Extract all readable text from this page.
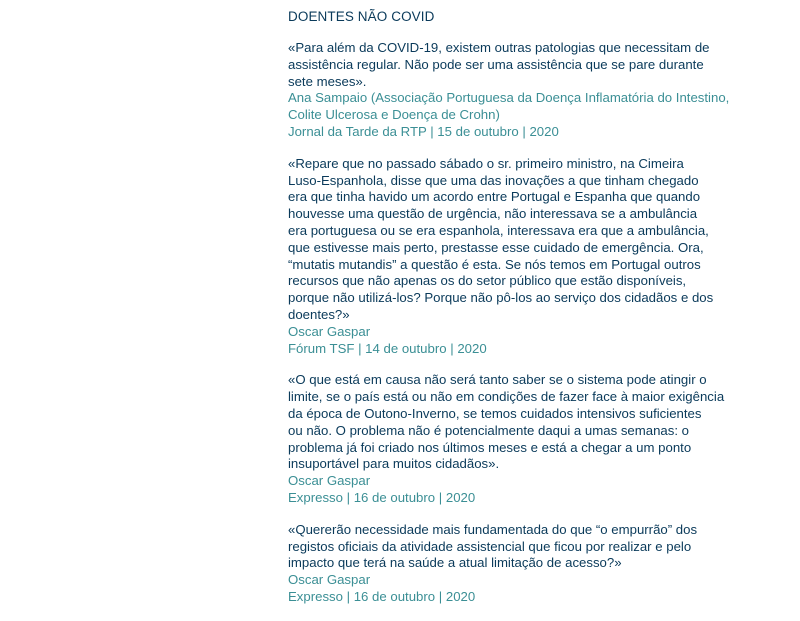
DOENTES NÃO COVID
«Para além da COVID-19, existem outras patologias que necessitam de
assistência regular. Não pode ser uma assistência que se pare durante
sete meses».
Ana Sampaio (Associação Portuguesa da Doença Inflamatória do Intestino,
Colite Ulcerosa e Doença de Crohn)
Jornal da Tarde da RTP | 15 de outubro | 2020
«Repare que no passado sábado o sr. primeiro ministro, na Cimeira
Luso-Espanhola, disse que uma das inovações a que tinham chegado
era que tinha havido um acordo entre Portugal e Espanha que quando
houvesse uma questão de urgência, não interessava se a ambulância
era portuguesa ou se era espanhola, interessava era que a ambulância,
que estivesse mais perto, prestasse esse cuidado de emergência. Ora,
“mutatis mutandis” a questão é esta. Se nós temos em Portugal outros
recursos que não apenas os do setor público que estão disponíveis,
porque não utilizá-los? Porque não pô-los ao serviço dos cidadãos e dos
doentes?»
Oscar Gaspar
Fórum TSF | 14 de outubro | 2020
«O que está em causa não será tanto saber se o sistema pode atingir o
limite, se o país está ou não em condições de fazer face à maior exigência
da época de Outono-Inverno, se temos cuidados intensivos suficientes
ou não. O problema não é potencialmente daqui a umas semanas: o
problema já foi criado nos últimos meses e está a chegar a um ponto
insuportável para muitos cidadãos».
Oscar Gaspar
Expresso | 16 de outubro | 2020
«Quererão necessidade mais fundamentada do que “o empurrão” dos
registos oficiais da atividade assistencial que ficou por realizar e pelo
impacto que terá na saúde a atual limitação de acesso?»
Oscar Gaspar
Expresso | 16 de outubro | 2020
